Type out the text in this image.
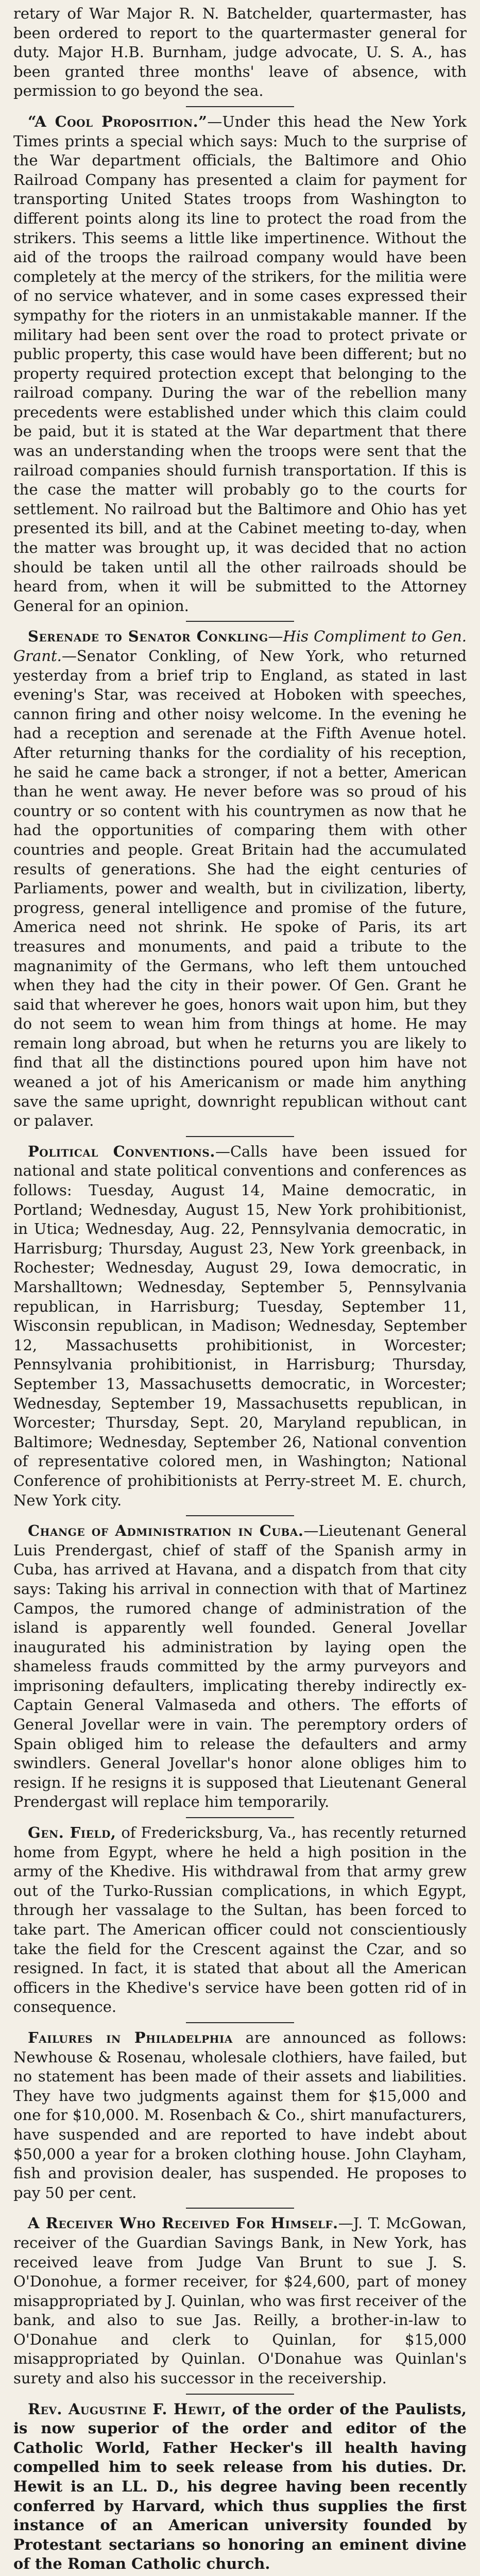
retary of War Major R. N. Batchelder, quartermaster, has been ordered to report to the quartermaster general for duty. Major H.B. Burnham, judge advocate, U. S. A., has been granted three months' leave of absence, with permission to go beyond the sea.

“A Cool Proposition.”—Under this head the New York Times prints a special which says: Much to the surprise of the War department officials, the Baltimore and Ohio Railroad Company has presented a claim for payment for transporting United States troops from Washington to different points along its line to protect the road from the strikers. This seems a little like impertinence. Without the aid of the troops the railroad company would have been completely at the mercy of the strikers, for the militia were of no service whatever, and in some cases expressed their sympathy for the rioters in an unmistakable manner. If the military had been sent over the road to protect private or public property, this case would have been different; but no property required protection except that belonging to the railroad company. During the war of the rebellion many precedents were established under which this claim could be paid, but it is stated at the War department that there was an understanding when the troops were sent that the railroad companies should furnish transportation. If this is the case the matter will probably go to the courts for settlement. No railroad but the Baltimore and Ohio has yet presented its bill, and at the Cabinet meeting to-day, when the matter was brought up, it was decided that no action should be taken until all the other railroads should be heard from, when it will be submitted to the Attorney General for an opinion.

Serenade to Senator Conkling—His Compliment to Gen. Grant.—Senator Conkling, of New York, who returned yesterday from a brief trip to England, as stated in last evening's Star, was received at Hoboken with speeches, cannon firing and other noisy welcome. In the evening he had a reception and serenade at the Fifth Avenue hotel. After returning thanks for the cordiality of his reception, he said he came back a stronger, if not a better, American than he went away. He never before was so proud of his country or so content with his countrymen as now that he had the opportunities of comparing them with other countries and people. Great Britain had the accumulated results of generations. She had the eight centuries of Parliaments, power and wealth, but in civilization, liberty, progress, general intelligence and promise of the future, America need not shrink. He spoke of Paris, its art treasures and monuments, and paid a tribute to the magnanimity of the Germans, who left them untouched when they had the city in their power. Of Gen. Grant he said that wherever he goes, honors wait upon him, but they do not seem to wean him from things at home. He may remain long abroad, but when he returns you are likely to find that all the distinctions poured upon him have not weaned a jot of his Americanism or made him anything save the same upright, downright republican without cant or palaver.

Political Conventions.—Calls have been issued for national and state political conventions and conferences as follows: Tuesday, August 14, Maine democratic, in Portland; Wednesday, August 15, New York prohibitionist, in Utica; Wednesday, Aug. 22, Pennsylvania democratic, in Harrisburg; Thursday, August 23, New York greenback, in Rochester; Wednesday, August 29, Iowa democratic, in Marshalltown; Wednesday, September 5, Pennsylvania republican, in Harrisburg; Tuesday, September 11, Wisconsin republican, in Madison; Wednesday, September 12, Massachusetts prohibitionist, in Worcester; Pennsylvania prohibitionist, in Harrisburg; Thursday, September 13, Massachusetts democratic, in Worcester; Wednesday, September 19, Massachusetts republican, in Worcester; Thursday, Sept. 20, Maryland republican, in Baltimore; Wednesday, September 26, National convention of representative colored men, in Washington; National Conference of prohibitionists at Perry-street M. E. church, New York city.

Change of Administration in Cuba.—Lieutenant General Luis Prendergast, chief of staff of the Spanish army in Cuba, has arrived at Havana, and a dispatch from that city says: Taking his arrival in connection with that of Martinez Campos, the rumored change of administration of the island is apparently well founded. General Jovellar inaugurated his administration by laying open the shameless frauds committed by the army purveyors and imprisoning defaulters, implicating thereby indirectly ex-Captain General Valmaseda and others. The efforts of General Jovellar were in vain. The peremptory orders of Spain obliged him to release the defaulters and army swindlers. General Jovellar's honor alone obliges him to resign. If he resigns it is supposed that Lieutenant General Prendergast will replace him temporarily.

Gen. Field, of Fredericksburg, Va., has recently returned home from Egypt, where he held a high position in the army of the Khedive. His withdrawal from that army grew out of the Turko-Russian complications, in which Egypt, through her vassalage to the Sultan, has been forced to take part. The American officer could not conscientiously take the field for the Crescent against the Czar, and so resigned. In fact, it is stated that about all the American officers in the Khedive's service have been gotten rid of in consequence.

Failures in Philadelphia are announced as follows: Newhouse & Rosenau, wholesale clothiers, have failed, but no statement has been made of their assets and liabilities. They have two judgments against them for $15,000 and one for $10,000. M. Rosenbach & Co., shirt manufacturers, have suspended and are reported to have indebt about $50,000 a year for a broken clothing house. John Clayham, fish and provision dealer, has suspended. He proposes to pay 50 per cent.

A Receiver Who Received For Himself.—J. T. McGowan, receiver of the Guardian Savings Bank, in New York, has received leave from Judge Van Brunt to sue J. S. O'Donohue, a former receiver, for $24,600, part of money misappropriated by J. Quinlan, who was first receiver of the bank, and also to sue Jas. Reilly, a brother-in-law to O'Donahue and clerk to Quinlan, for $15,000 misappropriated by Quinlan. O'Donahue was Quinlan's surety and also his successor in the receivership.

Rev. Augustine F. Hewit, of the order of the Paulists, is now superior of the order and editor of the Catholic World, Father Hecker's ill health having compelled him to seek release from his duties. Dr. Hewit is an LL. D., his degree having been recently conferred by Harvard, which thus supplies the first instance of an American university founded by Protestant sectarians so honoring an eminent divine of the Roman Catholic church.
